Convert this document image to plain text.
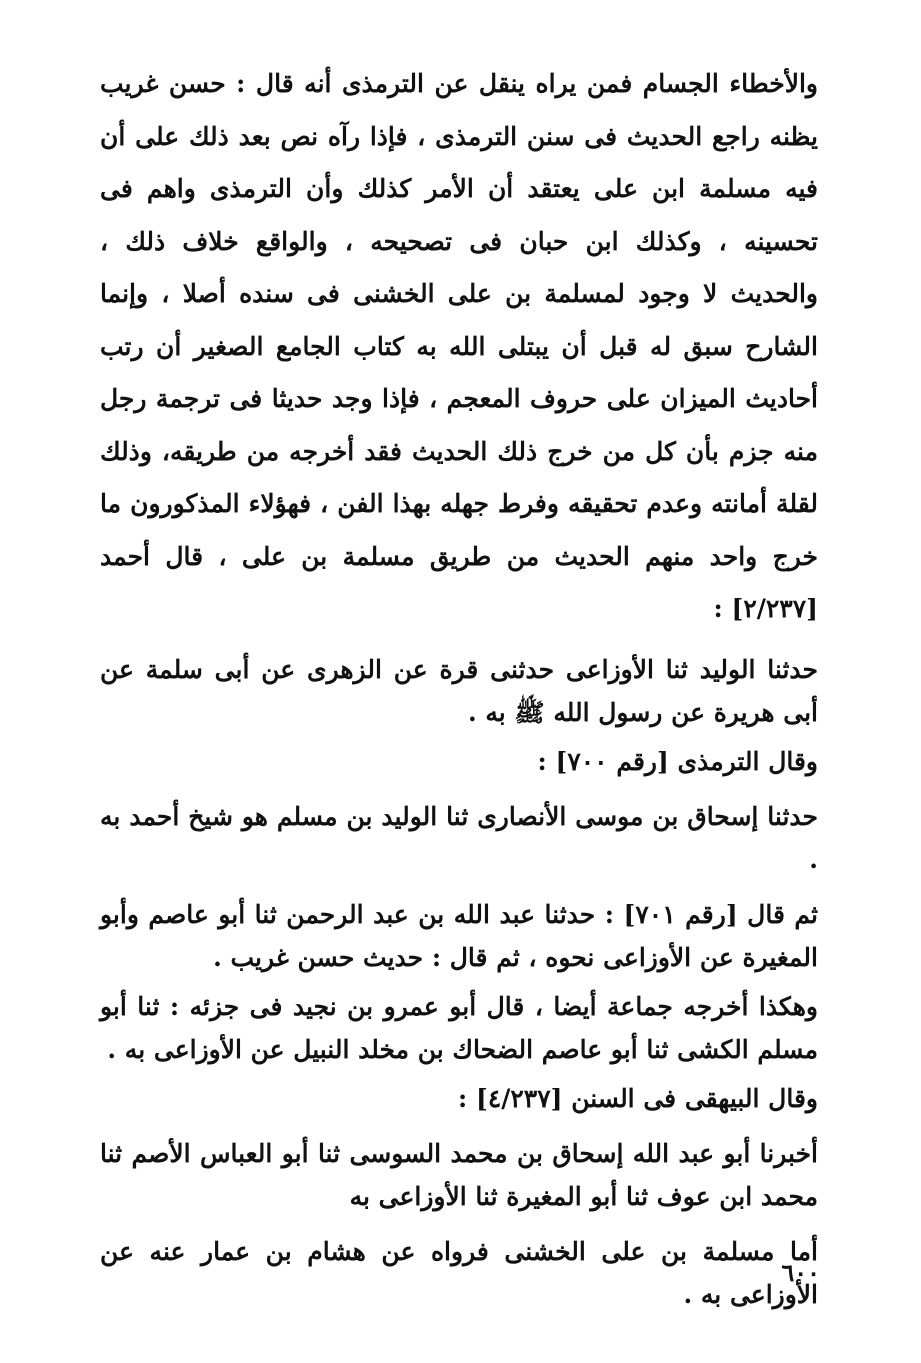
والأخطاء الجسام فمن يراه ينقل عن الترمذى أنه قال : حسن غريب يظنه راجع الحديث فى سنن الترمذى ، فإذا رآه نص بعد ذلك على أن فيه مسلمة ابن على يعتقد أن الأمر كذلك وأن الترمذى واهم فى تحسينه ، وكذلك ابن حبان فى تصحيحه ، والواقع خلاف ذلك ، والحديث لا وجود لمسلمة بن على الخشنى فى سنده أصلا ، وإنما الشارح سبق له قبل أن يبتلى الله به كتاب الجامع الصغير أن رتب أحاديث الميزان على حروف المعجم ، فإذا وجد حديثا فى ترجمة رجل منه جزم بأن كل من خرج ذلك الحديث فقد أخرجه من طريقه، وذلك لقلة أمانته وعدم تحقيقه وفرط جهله بهذا الفن ، فهؤلاء المذكورون ما خرج واحد منهم الحديث من طريق مسلمة بن على ، قال أحمد [٢/٢٣٧] :

حدثنا الوليد ثنا الأوزاعى حدثنى قرة عن الزهرى عن أبى سلمة عن أبى هريرة عن رسول الله ﷺ به .

وقال الترمذى [رقم ٧٠٠] :

حدثنا إسحاق بن موسى الأنصارى ثنا الوليد بن مسلم هو شيخ أحمد به .

ثم قال [رقم ٧٠١] : حدثنا عبد الله بن عبد الرحمن ثنا أبو عاصم وأبو المغيرة عن الأوزاعى نحوه ، ثم قال : حديث حسن غريب .

وهكذا أخرجه جماعة أيضا ، قال أبو عمرو بن نجيد فى جزئه : ثنا أبو مسلم الكشى ثنا أبو عاصم الضحاك بن مخلد النبيل عن الأوزاعى به .

وقال البيهقى فى السنن [٤/٢٣٧] :

أخبرنا أبو عبد الله إسحاق بن محمد السوسى ثنا أبو العباس الأصم ثنا محمد ابن عوف ثنا أبو المغيرة ثنا الأوزاعى به

أما مسلمة بن على الخشنى فرواه عن هشام بن عمار عنه عن الأوزاعى به .

٦٠٠
